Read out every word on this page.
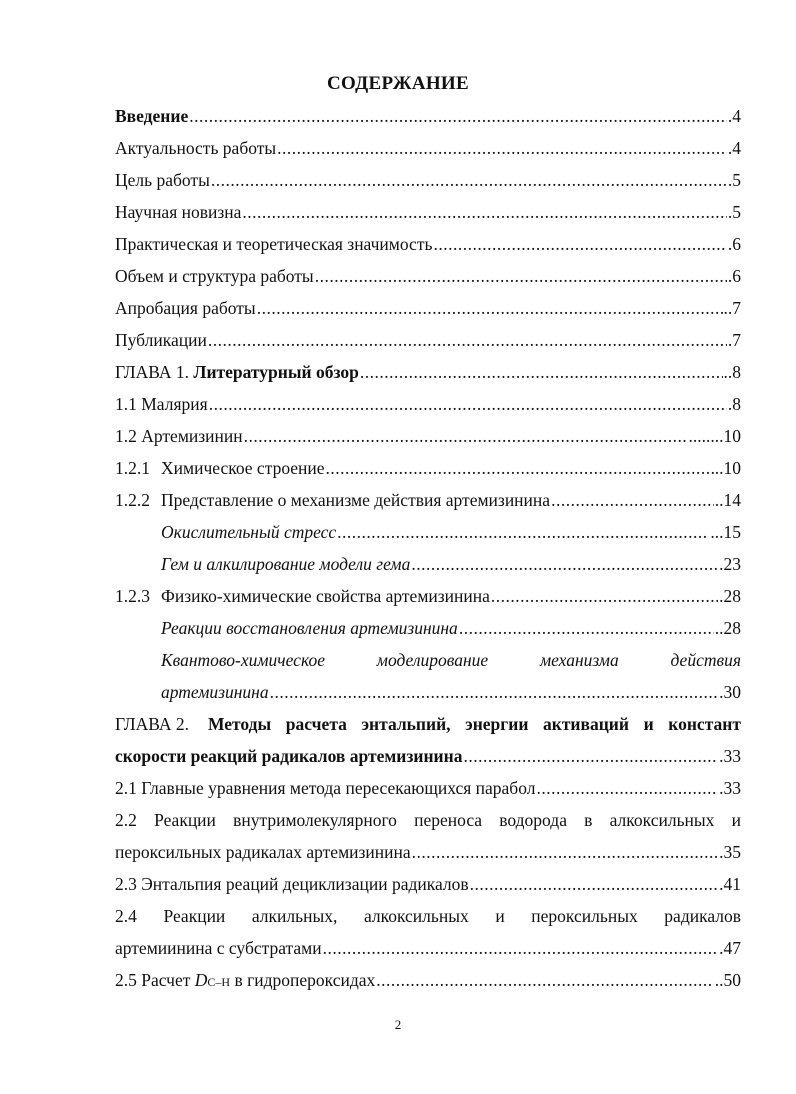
СОДЕРЖАНИЕ
Введение .....	.4
Актуальность работы .....	.4
Цель работы .....	.5
Научная новизна .....	.5
Практическая и теоретическая значимость .....	.6
Объем и структура работы .....	.6
Апробация работы .....	..7
Публикации .....	.7
ГЛАВА 1. Литературный обзор .....	..8
1.1 Малярия .....	.8
1.2 Артемизинин .....	........10
1.2.1 Химическое строение .....	..10
1.2.2 Представление о механизме действия артемизинина .....	..14
Окислительный стресс .....	...15
Гем и алкилирование модели гема .....	.23
1.2.3 Физико-химические свойства артемизинина .....	.28
Реакции восстановления артемизинина .....	..28
Квантово-химическое	моделирование	механизма	действия
артемизинина .....	.30
ГЛАВА 2. Методы расчета энтальпий, энергии активаций и констант
скорости реакций радикалов артемизинина .....	.33
2.1 Главные уравнения метода пересекающихся парабол .....	.33
2.2 Реакции внутримолекулярного переноса водорода в алкоксильных и
пероксильных радикалах артемизинина .....	.35
2.3 Энтальпия реаций дециклизации радикалов .....	.41
2.4 Реакции алкильных, алкоксильных и пероксильных радикалов
артемиинина с субстратами .....	.47
2.5 Расчет
D C–H в гидропероксидах .....	..50
2
